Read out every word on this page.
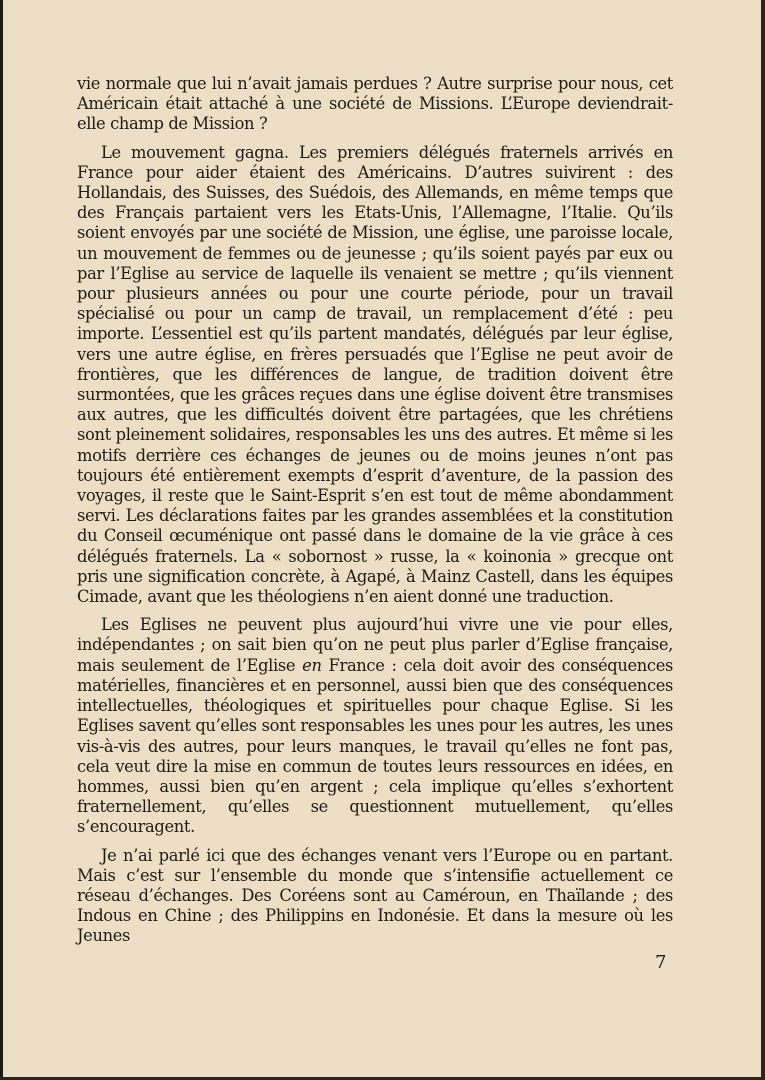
vie normale que lui n’avait jamais perdues ? Autre surprise pour nous, cet Américain était attaché à une société de Missions. L’Europe deviendrait-elle champ de Mission ?

Le mouvement gagna. Les premiers délégués fraternels arrivés en France pour aider étaient des Américains. D’autres suivirent : des Hollandais, des Suisses, des Suédois, des Allemands, en même temps que des Français partaient vers les Etats-Unis, l’Allemagne, l’Italie. Qu’ils soient envoyés par une société de Mission, une église, une paroisse locale, un mouvement de femmes ou de jeunesse ; qu’ils soient payés par eux ou par l’Eglise au service de laquelle ils venaient se mettre ; qu’ils viennent pour plusieurs années ou pour une courte période, pour un travail spécialisé ou pour un camp de travail, un remplacement d’été : peu importe. L’essentiel est qu’ils partent mandatés, délégués par leur église, vers une autre église, en frères persuadés que l’Eglise ne peut avoir de frontières, que les différences de langue, de tradition doivent être surmontées, que les grâces reçues dans une église doivent être transmises aux autres, que les difficultés doivent être partagées, que les chrétiens sont pleinement solidaires, responsables les uns des autres. Et même si les motifs derrière ces échanges de jeunes ou de moins jeunes n’ont pas toujours été entièrement exempts d’esprit d’aventure, de la passion des voyages, il reste que le Saint-Esprit s’en est tout de même abondamment servi. Les déclarations faites par les grandes assemblées et la constitution du Conseil œcuménique ont passé dans le domaine de la vie grâce à ces délégués fraternels. La « sobornost » russe, la « koinonia » grecque ont pris une signification concrète, à Agapé, à Mainz Castell, dans les équipes Cimade, avant que les théologiens n’en aient donné une traduction.

Les Eglises ne peuvent plus aujourd’hui vivre une vie pour elles, indépendantes ; on sait bien qu’on ne peut plus parler d’Eglise française, mais seulement de l’Eglise en France : cela doit avoir des conséquences matérielles, financières et en personnel, aussi bien que des conséquences intellectuelles, théologiques et spirituelles pour chaque Eglise. Si les Eglises savent qu’elles sont responsables les unes pour les autres, les unes vis-à-vis des autres, pour leurs manques, le travail qu’elles ne font pas, cela veut dire la mise en commun de toutes leurs ressources en idées, en hommes, aussi bien qu’en argent ; cela implique qu’elles s’exhortent fraternellement, qu’elles se questionnent mutuellement, qu’elles s’encouragent.

Je n’ai parlé ici que des échanges venant vers l’Europe ou en partant. Mais c’est sur l’ensemble du monde que s’intensifie actuellement ce réseau d’échanges. Des Coréens sont au Caméroun, en Thaïlande ; des Indous en Chine ; des Philippins en Indonésie. Et dans la mesure où les Jeunes

7
